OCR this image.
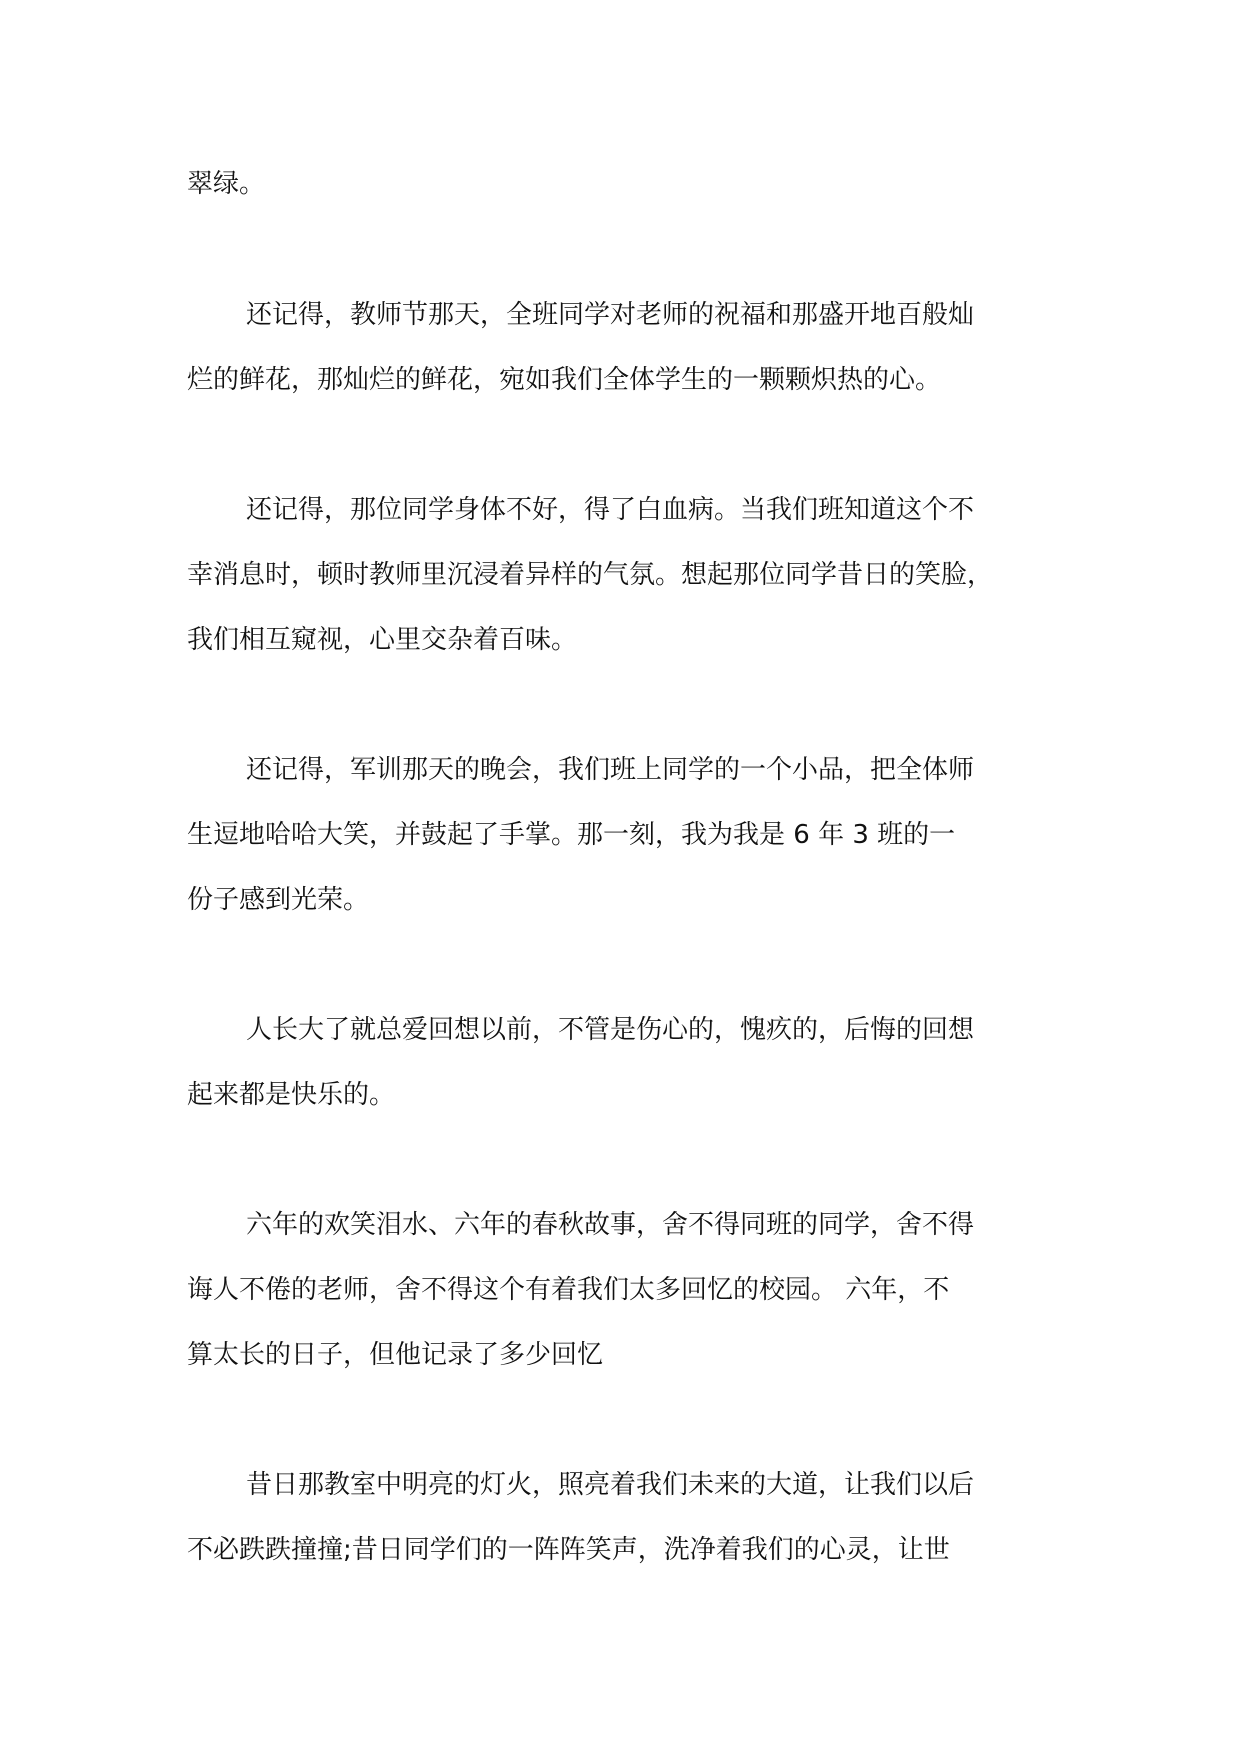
翠绿。
还记得，教师节那天，全班同学对老师的祝福和那盛开地百般灿
烂的鲜花，那灿烂的鲜花，宛如我们全体学生的一颗颗炽热的心。
还记得，那位同学身体不好，得了白血病。当我们班知道这个不
幸消息时，顿时教师里沉浸着异样的气氛。想起那位同学昔日的笑脸，
我们相互窥视，心里交杂着百味。
还记得，军训那天的晚会，我们班上同学的一个小品，把全体师
生逗地哈哈大笑，并鼓起了手掌。那一刻，我为我是 6 年 3 班的一
份子感到光荣。
人长大了就总爱回想以前，不管是伤心的，愧疚的，后悔的回想
起来都是快乐的。
六年的欢笑泪水、六年的春秋故事，舍不得同班的同学，舍不得
诲人不倦的老师，舍不得这个有着我们太多回忆的校园。 六年，不
算太长的日子，但他记录了多少回忆
昔日那教室中明亮的灯火，照亮着我们未来的大道，让我们以后
不必跌跌撞撞;昔日同学们的一阵阵笑声，洗净着我们的心灵，让世
